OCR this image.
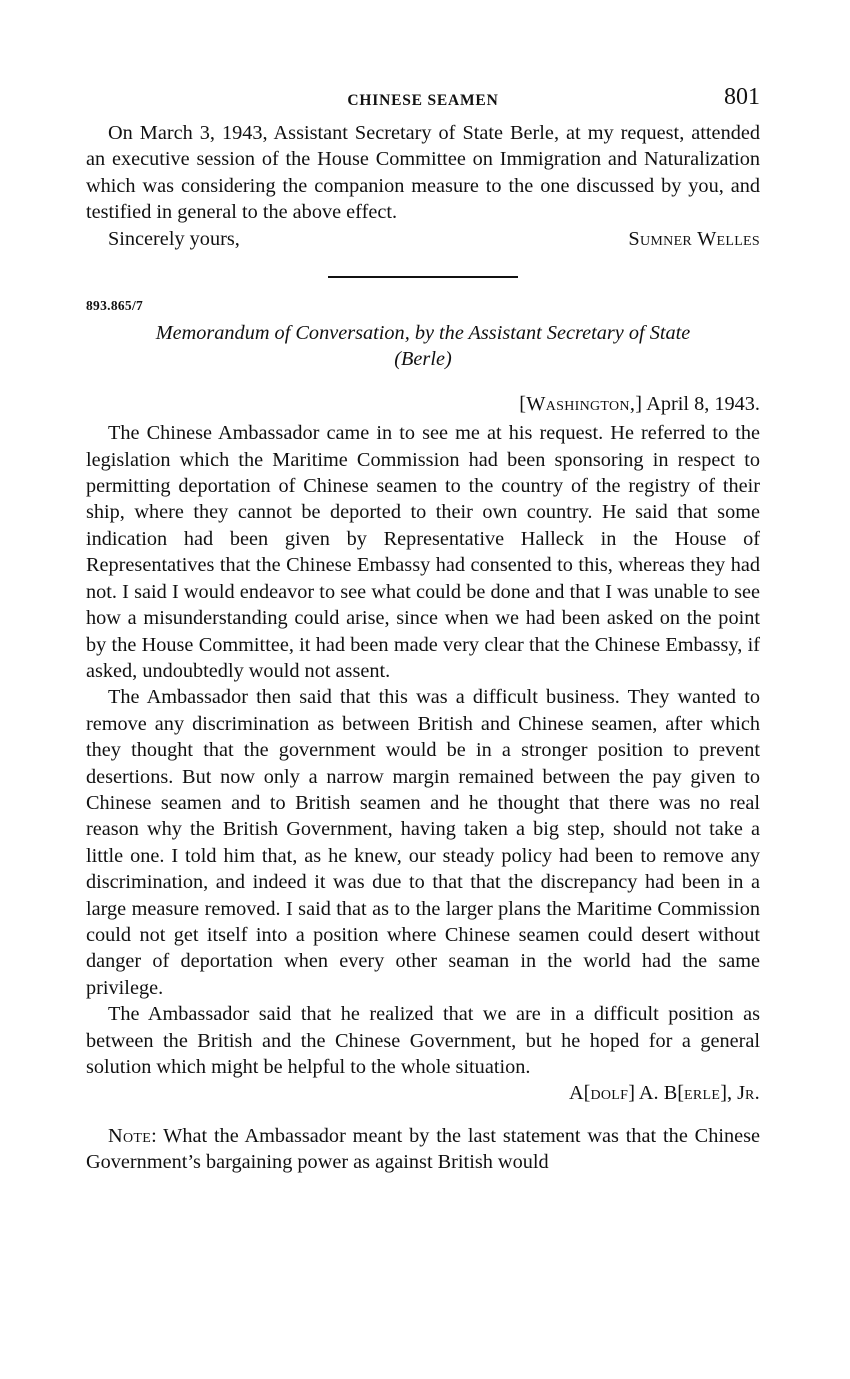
CHINESE SEAMEN	801

On March 3, 1943, Assistant Secretary of State Berle, at my request, attended an executive session of the House Committee on Immigration and Naturalization which was considering the companion measure to the one discussed by you, and testified in general to the above effect.

Sincerely yours,	Sumner Welles
893.865/7
Memorandum of Conversation, by the Assistant Secretary of State
(Berle)
[Washington,] April 8, 1943.

The Chinese Ambassador came in to see me at his request. He referred to the legislation which the Maritime Commission had been sponsoring in respect to permitting deportation of Chinese seamen to the country of the registry of their ship, where they cannot be deported to their own country. He said that some indication had been given by Representative Halleck in the House of Representatives that the Chinese Embassy had consented to this, whereas they had not. I said I would endeavor to see what could be done and that I was unable to see how a misunderstanding could arise, since when we had been asked on the point by the House Committee, it had been made very clear that the Chinese Embassy, if asked, undoubtedly would not assent.

The Ambassador then said that this was a difficult business. They wanted to remove any discrimination as between British and Chinese seamen, after which they thought that the government would be in a stronger position to prevent desertions. But now only a narrow margin remained between the pay given to Chinese seamen and to British seamen and he thought that there was no real reason why the British Government, having taken a big step, should not take a little one. I told him that, as he knew, our steady policy had been to remove any discrimination, and indeed it was due to that that the discrepancy had been in a large measure removed. I said that as to the larger plans the Maritime Commission could not get itself into a position where Chinese seamen could desert without danger of deportation when every other seaman in the world had the same privilege.

The Ambassador said that he realized that we are in a difficult position as between the British and the Chinese Government, but he hoped for a general solution which might be helpful to the whole situation.

A[dolf] A. B[erle], Jr.

Note: What the Ambassador meant by the last statement was that the Chinese Government’s bargaining power as against British would
